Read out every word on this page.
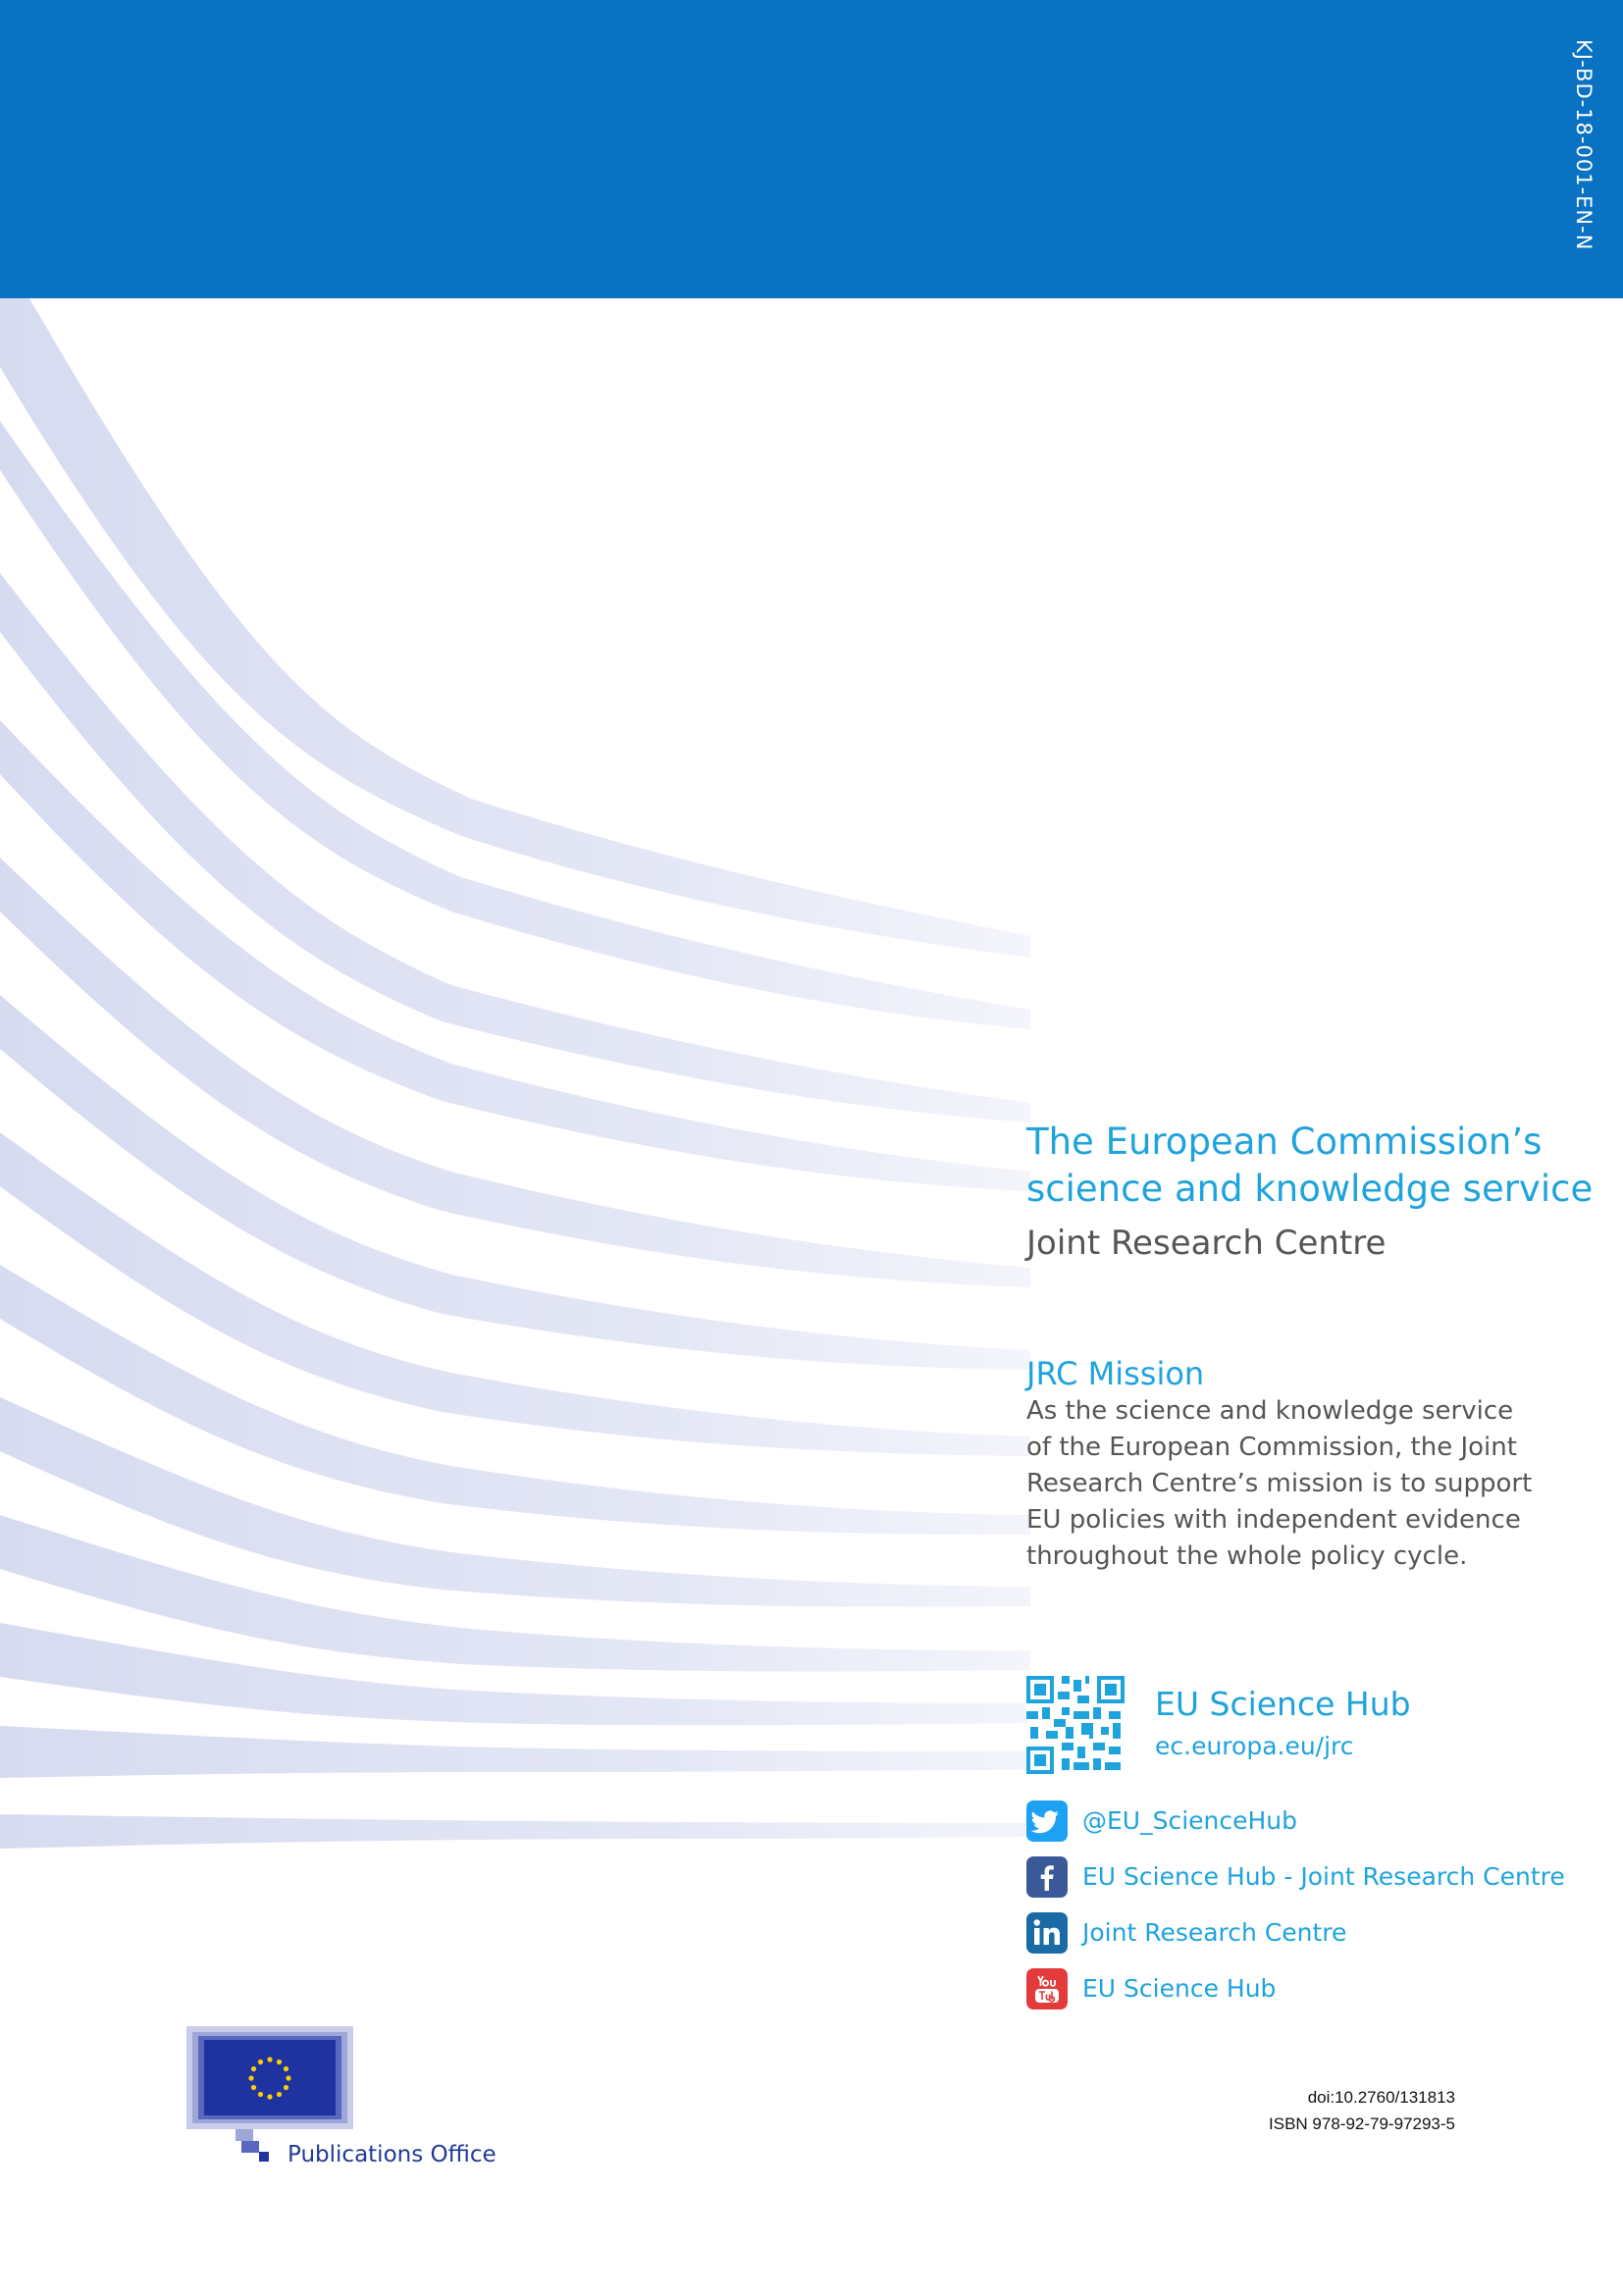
KJ-BD-18-001-EN-N
The European Commission’s
science and knowledge service
Joint Research Centre
JRC Mission
As the science and knowledge service
of the European Commission, the Joint
Research Centre’s mission is to support
EU policies with independent evidence
throughout the whole policy cycle.
EU Science Hub
ec.europa.eu/jrc
@EU_ScienceHub
EU Science Hub - Joint Research Centre
Joint Research Centre
EU Science Hub
Publications Office
doi:10.2760/131813
ISBN 978-92-79-97293-5
